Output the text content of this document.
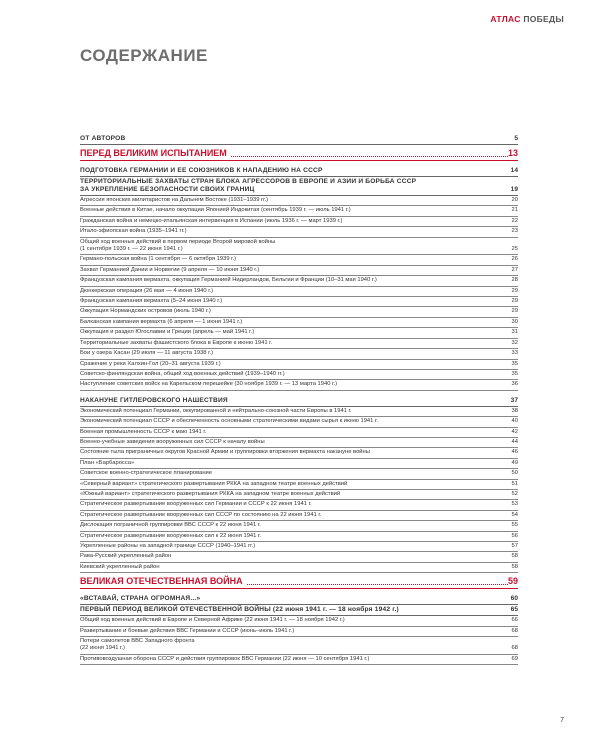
АТЛАС ПОБЕДЫ
СОДЕРЖАНИЕ
ОТ АВТОРОВ	5
ПЕРЕД ВЕЛИКИМ ИСПЫТАНИЕМ	13
ПОДГОТОВКА ГЕРМАНИИ И ЕЕ СОЮЗНИКОВ К НАПАДЕНИЮ НА СССР	14
ТЕРРИТОРИАЛЬНЫЕ ЗАХВАТЫ СТРАН БЛОКА АГРЕССОРОВ В ЕВРОПЕ И АЗИИ И БОРЬБА СССР
ЗА УКРЕПЛЕНИЕ БЕЗОПАСНОСТИ СВОИХ ГРАНИЦ	19
Агрессия японских милитаристов на Дальнем Востоке (1931–1939 гг.)	20
Военные действия в Китае, начало оккупации Японией Индокитая (сентябрь 1939 г. — июль 1941 г.)	21
Гражданская война и немецко-итальянская интервенция в Испании (июль 1936 г. — март 1939 г.)	22
Итало-эфиопская война (1935–1941 гг.)	23
Общий ход военных действий в первом периоде Второй мировой войны
(1 сентября 1939 г. — 22 июня 1941 г.)	25
Германо-польская война (1 сентября — 6 октября 1939 г.)	26
Захват Германией Дании и Норвегии (9 апреля — 10 июня 1940 г.)	27
Французская кампания вермахта, оккупация Германией Нидерландов, Бельгии и Франции (10–31 мая 1940 г.)	28
Дюнкеркская операция (26 мая — 4 июня 1940 г.)	29
Французская кампания вермахта (5–24 июня 1940 г.)	29
Оккупация Нормандских островов (июль 1940 г.)	29
Балканская кампания вермахта (6 апреля — 1 июня 1941 г.)	30
Оккупация и раздел Югославии и Греции (апрель — май 1941 г.)	31
Территориальные захваты фашистского блока в Европе к июню 1941 г.	32
Бои у озера Хасан (29 июля — 11 августа 1938 г.)	33
Сражение у реки Халхин-Гол (20–31 августа 1939 г.)	35
Советско-финляндская война, общий ход военных действий (1939–1940 гг.)	35
Наступление советских войск на Карельском перешейке (30 ноября 1939 г. — 13 марта 1940 г.)	36
НАКАНУНЕ ГИТЛЕРОВСКОГО НАШЕСТВИЯ	37
Экономический потенциал Германии, оккупированной и нейтрально-союзной части Европы в 1941 г.	38
Экономический потенциал СССР и обеспеченность основными стратегическими видами сырья к июню 1941 г.	40
Военная промышленность СССР к маю 1941 г.	42
Военно-учебные заведения вооруженных сил СССР к началу войны	44
Состояние тыла приграничных округов Красной Армии и группировки вторжения вермахта накануне войны	46
План «Барбаросса»	49
Советское военно-стратегическое планирование	50
«Северный вариант» стратегического развертывания РККА на западном театре военных действий	51
«Южный вариант» стратегического развертывания РККА на западном театре военных действий	52
Стратегическое развертывание вооруженных сил Германии и СССР к 22 июня 1941 г.	53
Стратегическое развертывание вооруженных сил СССР по состоянию на 22 июня 1941 г.	54
Дислокация пограничной группировки ВВС СССР к 22 июня 1941 г.	55
Стратегическое развертывание вооруженных сил к 22 июня 1941 г.	56
Укрепленные районы на западной границе СССР (1940–1941 гг.)	57
Рава-Русский укрепленный район	58
Киевский укрепленный район	58
ВЕЛИКАЯ ОТЕЧЕСТВЕННАЯ ВОЙНА	59
«ВСТАВАЙ, СТРАНА ОГРОМНАЯ...»	60
ПЕРВЫЙ ПЕРИОД ВЕЛИКОЙ ОТЕЧЕСТВЕННОЙ ВОЙНЫ (22 июня 1941 г. — 18 ноября 1942 г.)	65
Общий ход военных действий в Европе и Северной Африке (22 июня 1941 г. — 18 ноября 1942 г.)	66
Развертывание и боевые действия ВВС Германии и СССР (июнь–июль 1941 г.)	68
Потери самолетов ВВС Западного фронта
(22 июня 1941 г.)	68
Противовоздушная оборона СССР и действия группировок ВВС Германии (22 июня — 10 сентября 1941 г.)	69
7
